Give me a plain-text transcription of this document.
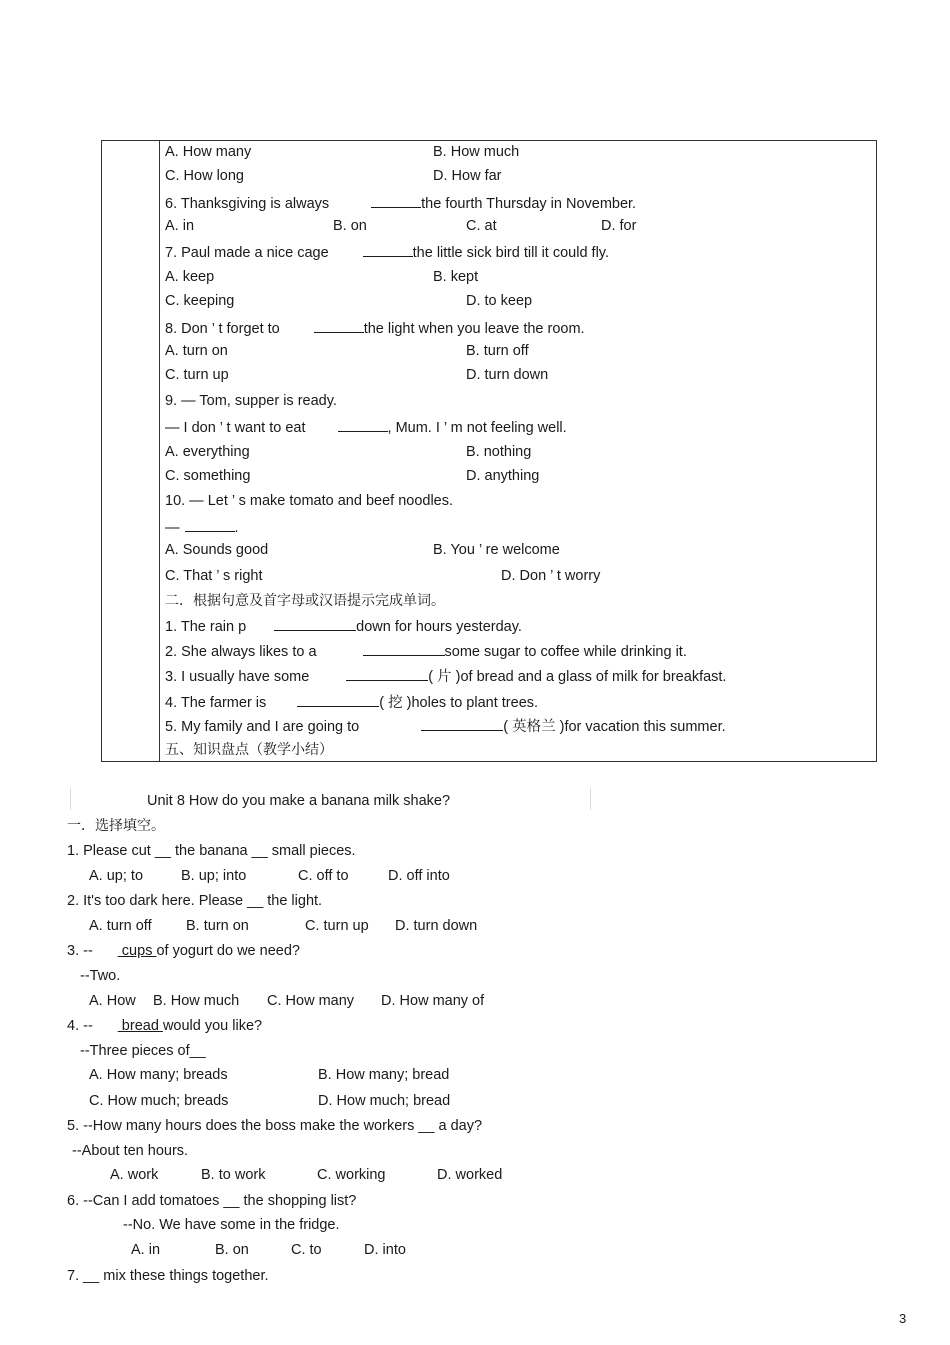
A. How many	B. How much
C. How long	D. How far
6. Thanksgiving is always	the fourth Thursday in November.
A. in	B. on	C. at	D. for
7. Paul made a nice cage	the little sick bird till it could fly.
A. keep	B. kept
C. keeping	D. to keep
8. Don ’ t forget to	the light when you leave the room.
A. turn on	B. turn off
C. turn up	D. turn down
9. — Tom, supper is ready.
— I don ’ t want to eat	, Mum. I ’ m not feeling well.
A. everything	B. nothing
C. something	D. anything
10. — Let ’ s make tomato and beef noodles.
—	.
A. Sounds good	B. You ’ re welcome
C. That ’ s right	D. Don ’ t worry
二．根据句意及首字母或汉语提示完成单词。
1. The rain p	down for hours yesterday.
2. She always likes to a	some sugar to coffee while drinking it.
3. I usually have some	( 片 )of bread and a glass of milk for breakfast.
4. The farmer is	( 挖 )holes to plant trees.
5. My family and I are going to	( 英格兰 )for vacation this summer.
五、知识盘点（教学小结）
Unit 8 How do you make a banana milk shake?
一．选择填空。
1. Please cut __ the banana __ small pieces.
A. up; to	B. up; into	C. off to	D. off into
2. It's too dark here. Please __ the light.
A. turn off B. turn on	C. turn up D. turn down
3. -- cups of yogurt do we need?
--Two.
A. How B. How much C. How many D. How many of
4. -- bread would you like?
--Three pieces of__
A. How many; breads	B. How many; bread
C. How much; breads	D. How much; bread
5. --How many hours does the boss make the workers __ a day?
--About ten hours.
A. work	B. to work	C. working	D. worked
6. --Can I add tomatoes __ the shopping list?
--No. We have some in the fridge.
A. in	B. on	C. to	D. into
7. __ mix these things together.
3
